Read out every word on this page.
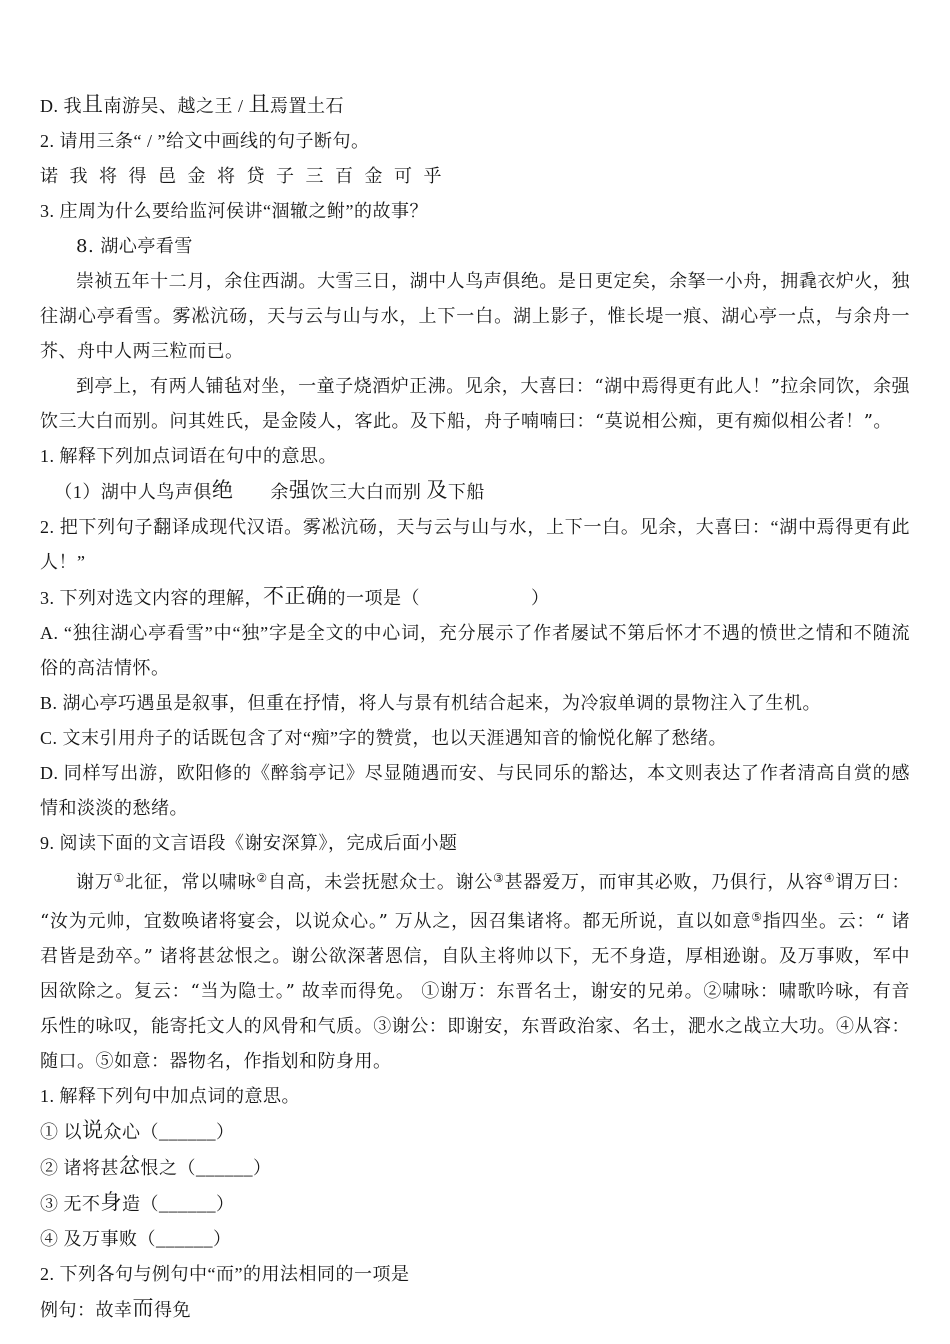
D. 我且南游吴、越之王 / 且焉置土石
2. 请用三条“ / ”给文中画线的句子断句。
诺 我 将 得 邑 金 将 贷 子 三 百 金 可 乎
3. 庄周为什么要给监河侯讲“涸辙之鲋”的故事？
8. 湖心亭看雪
崇祯五年十二月，余住西湖。大雪三日，湖中人鸟声俱绝。是日更定矣，余拏一小舟，拥毳衣炉火，独往湖心亭看雪。雾凇沆砀，天与云与山与水，上下一白。湖上影子，惟长堤一痕、湖心亭一点，与余舟一芥、舟中人两三粒而已。
到亭上，有两人铺毡对坐，一童子烧酒炉正沸。见余，大喜曰：“湖中焉得更有此人！”拉余同饮，余强饮三大白而别。问其姓氏，是金陵人，客此。及下船，舟子喃喃曰：“莫说相公痴，更有痴似相公者！”。
1. 解释下列加点词语在句中的意思。
（1）湖中人鸟声俱绝　　余强饮三大白而别 及下船
2. 把下列句子翻译成现代汉语。雾凇沆砀，天与云与山与水，上下一白。见余，大喜曰：“湖中焉得更有此人！”
3. 下列对选文内容的理解，不正确的一项是（　　　　　　）
A. “独往湖心亭看雪”中“独”字是全文的中心词，充分展示了作者屡试不第后怀才不遇的愤世之情和不随流俗的高洁情怀。
B. 湖心亭巧遇虽是叙事，但重在抒情，将人与景有机结合起来，为冷寂单调的景物注入了生机。
C. 文末引用舟子的话既包含了对“痴”字的赞赏，也以天涯遇知音的愉悦化解了愁绪。
D. 同样写出游，欧阳修的《醉翁亭记》尽显随遇而安、与民同乐的豁达，本文则表达了作者清高自赏的感情和淡淡的愁绪。
9. 阅读下面的文言语段《谢安深算》，完成后面小题
谢万①北征，常以啸咏②自高，未尝抚慰众士。谢公③甚器爱万，而审其必败，乃俱行，从容④谓万曰：“汝为元帅，宜数唤诸将宴会，以说众心。” 万从之，因召集诸将。都无所说，直以如意⑤指四坐。云：“ 诸君皆是劲卒。” 诸将甚忿恨之。谢公欲深著恩信，自队主将帅以下，无不身造，厚相逊谢。及万事败，军中因欲除之。复云：“当为隐士。” 故幸而得免。 ①谢万：东晋名士，谢安的兄弟。②啸咏：啸歌吟咏，有音乐性的咏叹，能寄托文人的风骨和气质。③谢公：即谢安，东晋政治家、名士，淝水之战立大功。④从容：随口。⑤如意：器物名，作指划和防身用。
1. 解释下列句中加点词的意思。
① 以说众心（______）
② 诸将甚忿恨之（______）
③ 无不身造（______）
④ 及万事败（______）
2. 下列各句与例句中“而”的用法相同的一项是
例句：故幸而得免
